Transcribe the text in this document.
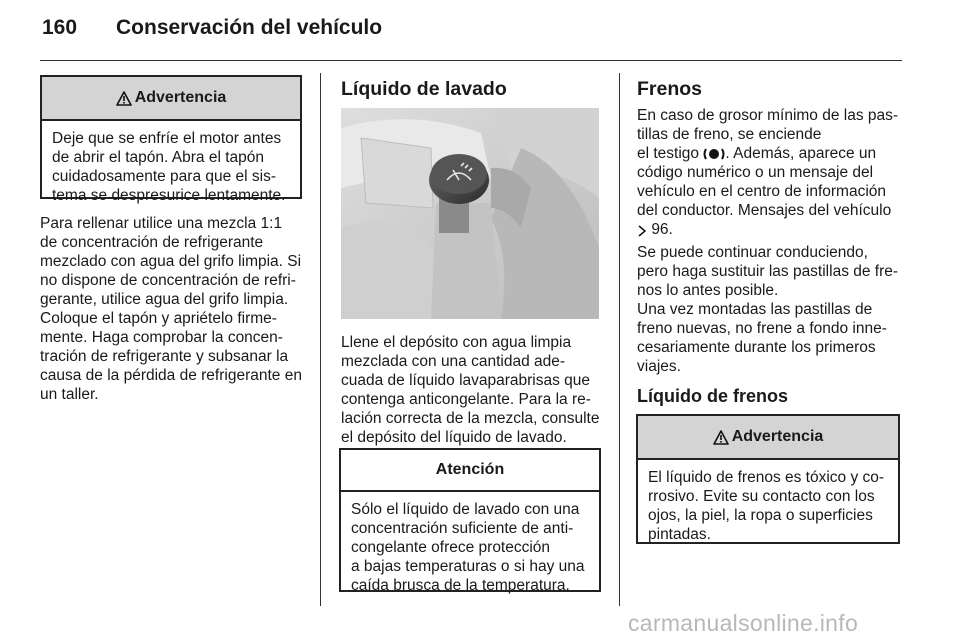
160 Conservación del vehículo
Advertencia
Deje que se enfríe el motor antes
de abrir el tapón. Abra el tapón
cuidadosamente para que el sis-
tema se despresurice lentamente.
Para rellenar utilice una mezcla 1:1
de concentración de refrigerante
mezclado con agua del grifo limpia. Si
no dispone de concentración de refri-
gerante, utilice agua del grifo limpia.
Coloque el tapón y apriételo firme-
mente. Haga comprobar la concen-
tración de refrigerante y subsanar la
causa de la pérdida de refrigerante en
un taller.
Líquido de lavado
Llene el depósito con agua limpia
mezclada con una cantidad ade-
cuada de líquido lavaparabrisas que
contenga anticongelante. Para la re-
lación correcta de la mezcla, consulte
el depósito del líquido de lavado.
Atención
Sólo el líquido de lavado con una
concentración suficiente de anti-
congelante ofrece protección
a bajas temperaturas o si hay una
caída brusca de la temperatura.
Frenos
En caso de grosor mínimo de las pas-
tillas de freno, se enciende
el testigo . Además, aparece un
código numérico o un mensaje del
vehículo en el centro de información
del conductor. Mensajes del vehículo
96.
Se puede continuar conduciendo,
pero haga sustituir las pastillas de fre-
nos lo antes posible.
Una vez montadas las pastillas de
freno nuevas, no frene a fondo inne-
cesariamente durante los primeros
viajes.
Líquido de frenos
Advertencia
El líquido de frenos es tóxico y co-
rrosivo. Evite su contacto con los
ojos, la piel, la ropa o superficies
pintadas.
carmanualsonline.info
